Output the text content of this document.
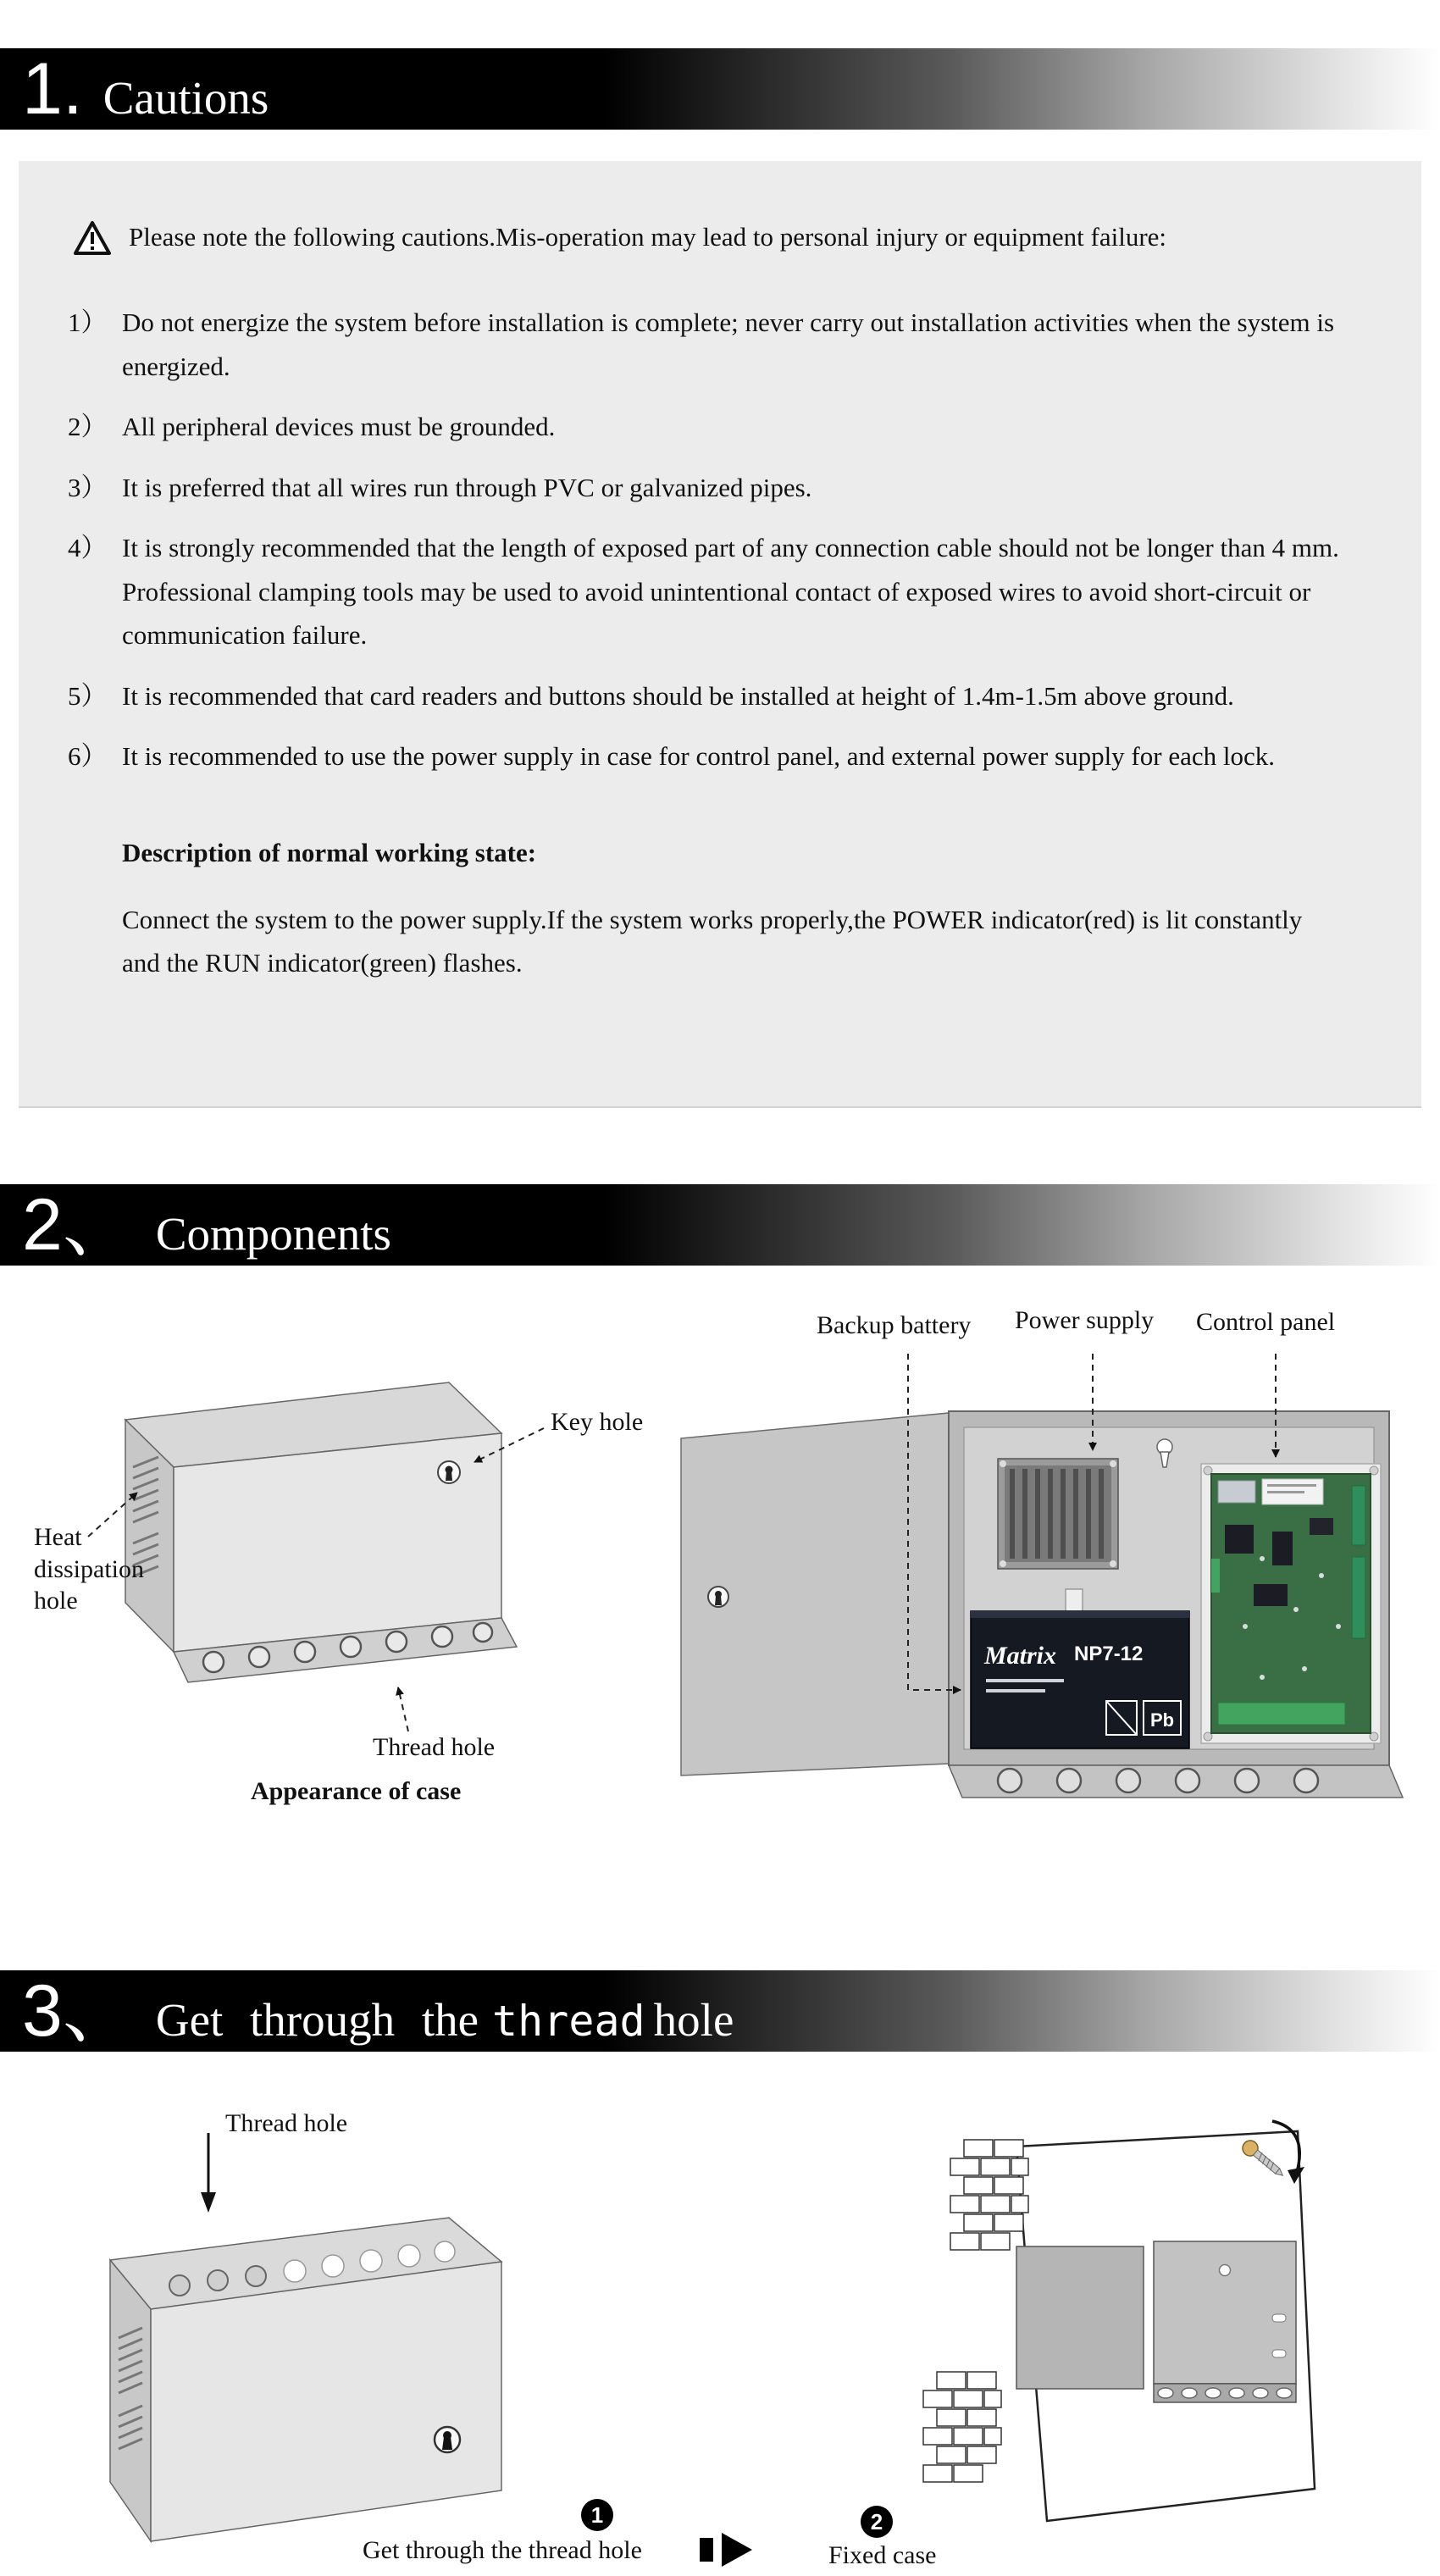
1. Cautions
Please note the following cautions.Mis-operation may lead to personal injury or equipment failure:
1） Do not energize the system before installation is complete; never carry out installation activities when the system is energized.
2） All peripheral devices must be grounded.
3） It is preferred that all wires run through PVC or galvanized pipes.
4） It is strongly recommended that the length of exposed part of any connection cable should not be longer than 4 mm. Professional clamping tools may be used to avoid unintentional contact of exposed wires to avoid short-circuit or communication failure.
5） It is recommended that card readers and buttons should be installed at height of 1.4m-1.5m above ground.
6） It is recommended to use the power supply in case for control panel, and external power supply for each lock.
Description of normal working state:
Connect the system to the power supply.If the system works properly,the POWER indicator(red) is lit constantly and the RUN indicator(green) flashes.
2、 Components
Backup battery Power supply Control panel
Key hole
Heat dissipation hole
Thread hole
Appearance of case
Matrix NP7-12
Pb
3、 Get through the thread hole
Thread hole
1
Get through the thread hole
2
Fixed case
